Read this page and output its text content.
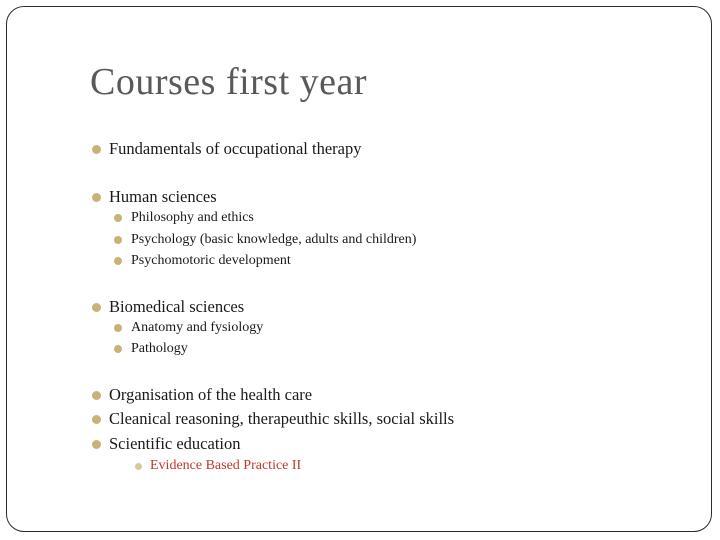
Courses first year
Fundamentals of occupational therapy
Human sciences
Philosophy and ethics
Psychology (basic knowledge, adults and children)
Psychomotoric development
Biomedical sciences
Anatomy and fysiology
Pathology
Organisation of the health care
Cleanical reasoning, therapeuthic skills, social skills
Scientific education
Evidence Based Practice II
